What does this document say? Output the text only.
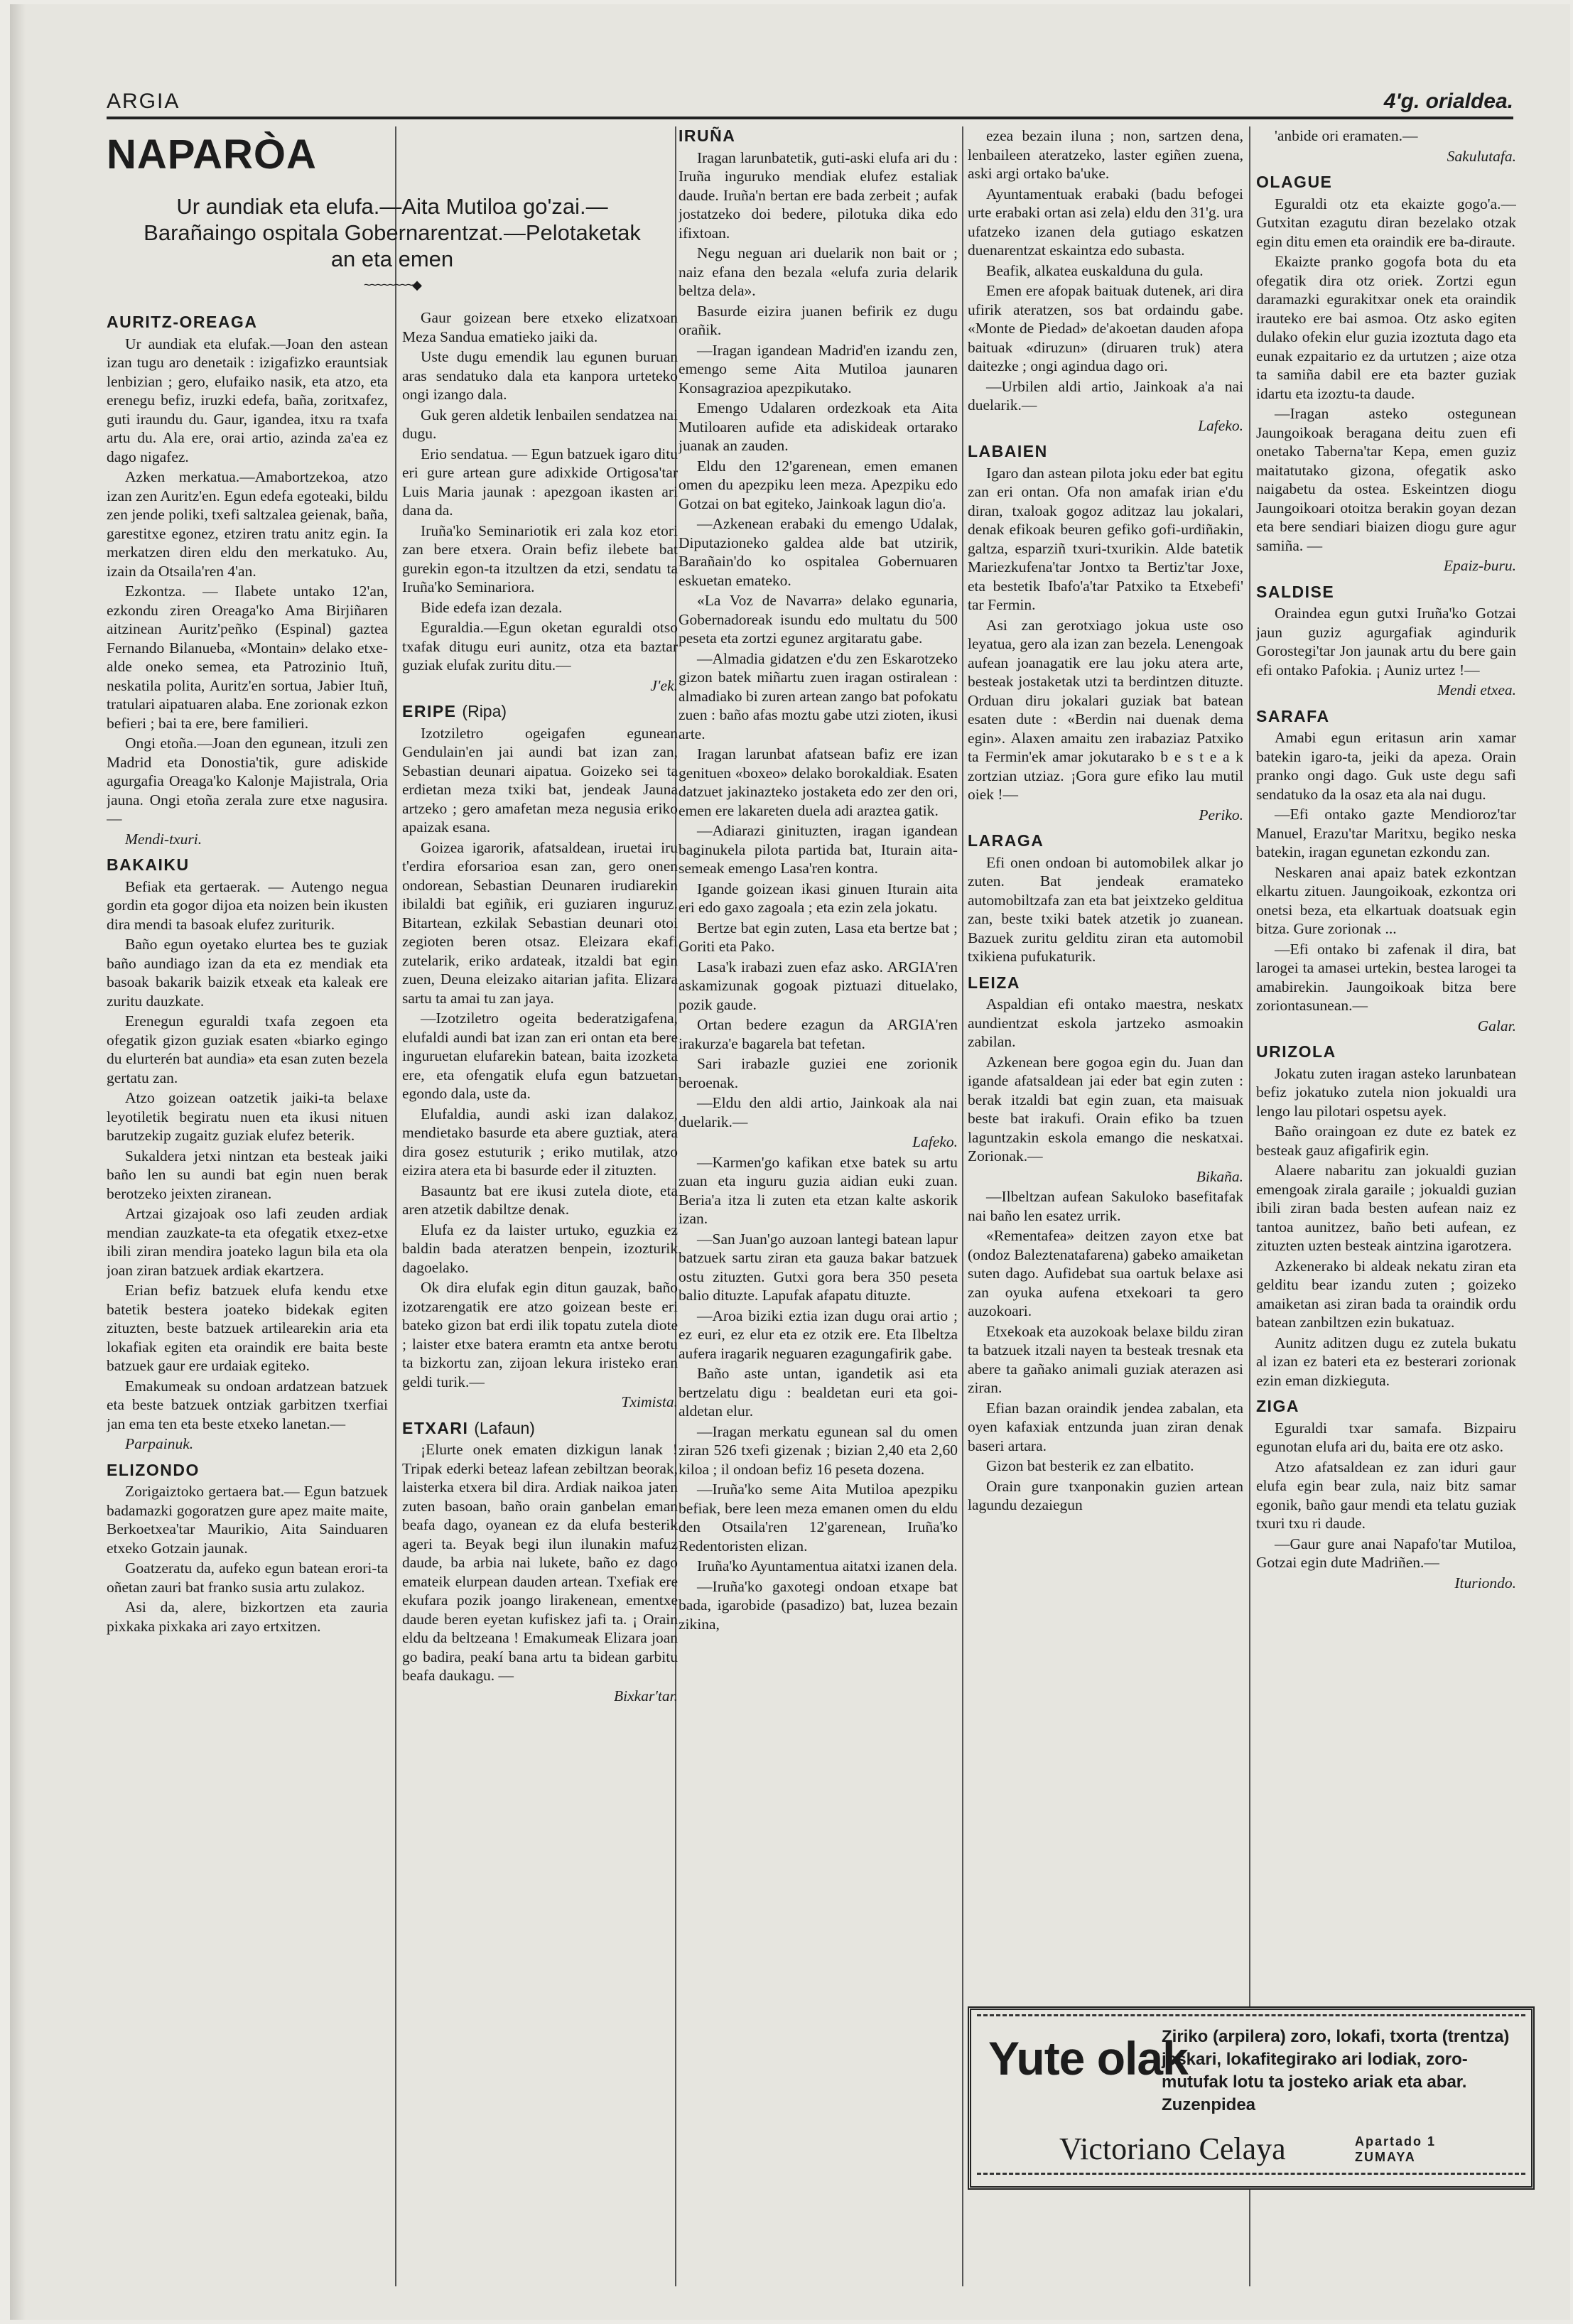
ARGIA	4'g. orialdea.
NAPARÒA
AURITZ-OREAGA

Ur aundiak eta elufak.—Joan den astean izan tugu aro denetaik : izigafizko erauntsiak lenbizian ; gero, elufaiko nasik, eta atzo, eta erenegu befiz, iruzki edefa, baña, zoritxafez, guti iraundu du. Gaur, igandea, itxu ra txafa artu du. Ala ere, orai artio, azinda za'ea ez dago nigafez.

Azken merkatua.—Amabortzekoa, atzo izan zen Auritz'en. Egun edefa egoteaki, bildu zen jende poliki, txefi saltzalea geienak, baña, garestitxe egonez, etziren tratu anitz egin. Ia merkatzen diren eldu den merkatuko. Au, izain da Otsaila'ren 4'an.

Ezkontza. — Ilabete untako 12'an, ezkondu ziren Oreaga'ko Ama Birjiñaren aitzinean Auritz'peñko (Espinal) gaztea Fernando Bilanueba, «Montain» delako etxe-alde oneko semea, eta Patrozinio Ituñ, neskatila polita, Auritz'en sortua, Jabier Ituñ, tratulari aipatuaren alaba. Ene zorionak ezkon befieri ; bai ta ere, bere familieri.

Ongi etoña.—Joan den egunean, itzuli zen Madrid eta Donostia'tik, gure adiskide agurgafia Oreaga'ko Kalonje Majistrala, Oria jauna. Ongi etoña zerala zure etxe nagusira.—

Mendi-txuri.

BAKAIKU

Befiak eta gertaerak. — Autengo negua gordin eta gogor dijoa eta noizen bein ikusten dira mendi ta basoak elufez zuriturik.

Baño egun oyetako elurtea bes te guziak baño aundiago izan da eta ez mendiak eta basoak bakarik baizik etxeak eta kaleak ere zuritu dauzkate.

Erenegun eguraldi txafa zegoen eta ofegatik gizon guziak esaten «biarko egingo du elurterén bat aundia» eta esan zuten bezela gertatu zan.

Atzo goizean oatzetik jaiki-ta belaxe leyotiletik begiratu nuen eta ikusi nituen barutzekip zugaitz guziak elufez beterik.

Sukaldera jetxi nintzan eta besteak jaiki baño len su aundi bat egin nuen berak berotzeko jeixten ziranean.

Artzai gizajoak oso lafi zeuden ardiak mendian zauzkate-ta eta ofegatik etxez-etxe ibili ziran mendira joateko lagun bila eta ola joan ziran batzuek ardiak ekartzera.

Erian befiz batzuek elufa kendu etxe batetik bestera joateko bidekak egiten zituzten, beste batzuek artilearekin aria eta lokafiak egiten eta oraindik ere baita beste batzuek gaur ere urdaiak egiteko.

Emakumeak su ondoan ardatzean batzuek eta beste batzuek ontziak garbitzen txerfiai jan ema ten eta beste etxeko lanetan.—

Parpainuk.

ELIZONDO

Zorigaiztoko gertaera bat.— Egun batzuek badamazki gogoratzen gure apez maite maite, Berkoetxea'tar Maurikio, Aita Sainduaren etxeko Gotzain jaunak.

Goatzeratu da, aufeko egun batean erori-ta oñetan zauri bat franko susia artu zulakoz.

Asi da, alere, bizkortzen eta zauria pixkaka pixkaka ari zayo ertxitzen.

Ur aundiak eta elufa.—Aita Mutiloa go'zai.—
Barañaingo ospitala Gobernarentzat.—Pelotaketak
an eta emen
~~~~~~~~◆

Gaur goizean bere etxeko elizatxoan Meza Sandua ematieko jaiki da.

Uste dugu emendik lau egunen buruan aras sendatuko dala eta kanpora urteteko ongi izango dala.

Guk geren aldetik lenbailen sendatzea nai dugu.

Erio sendatua. — Egun batzuek igaro ditu eri gure artean gure adixkide Ortigosa'tar Luis Maria jaunak : apezgoan ikasten ari dana da.

Iruña'ko Seminariotik eri zala koz etori zan bere etxera. Orain befiz ilebete bat gurekin egon-ta itzultzen da etzi, sendatu ta Iruña'ko Seminariora.

Bide edefa izan dezala.

Eguraldia.—Egun oketan eguraldi otso txafak ditugu euri aunitz, otza eta baztar guziak elufak zuritu ditu.—

J'ek.

ERIPE (Ripa)

Izotziletro ogeigafen egunean Gendulain'en jai aundi bat izan zan, Sebastian deunari aipatua. Goizeko sei ta erdietan meza txiki bat, jendeak Jauna artzeko ; gero amafetan meza negusia eriko apaizak esana.

Goizea igarorik, afatsaldean, iruetai iru t'erdira eforsarioa esan zan, gero onen ondorean, Sebastian Deunaren irudiarekin ibilaldi bat egiñik, eri guziaren inguruz. Bitartean, ezkilak Sebastian deunari otoi zegioten beren otsaz. Eleizara ekafi zutelarik, eriko ardateak, itzaldi bat egin zuen, Deuna eleizako aitarian jafita. Elizara sartu ta amai tu zan jaya.

—Izotziletro ogeita bederatzigafena, elufaldi aundi bat izan zan eri ontan eta bere inguruetan elufarekin batean, baita izozketa ere, eta ofengatik elufa egun batzuetan egondo dala, uste da.

Elufaldia, aundi aski izan dalakoz, mendietako basurde eta abere guztiak, atera dira gosez estuturik ; eriko mutilak, atzo eizira atera eta bi basurde eder il zituzten.

Basauntz bat ere ikusi zutela diote, eta aren atzetik dabiltze denak.

Elufa ez da laister urtuko, eguzkia ez baldin bada ateratzen benpein, izozturik dagoelako.

Ok dira elufak egin ditun gauzak, baño izotzarengatik ere atzo goizean beste eri bateko gizon bat erdi ilik topatu zutela diote ; laister etxe batera eramtn eta antxe berotu ta bizkortu zan, zijoan lekura iristeko eran geldi turik.—

Tximista.

ETXARI (Lafaun)

¡Elurte onek ematen dizkigun lanak ! Tripak ederki beteaz lafean zebiltzan beorak, laisterka etxera bil dira. Ardiak naikoa jaten zuten basoan, baño orain ganbelan eman beafa dago, oyanean ez da elufa besterik ageri ta. Beyak begi ilun ilunakin mafuz daude, ba arbia nai lukete, baño ez dago emateik elurpean dauden artean. Txefiak ere ekufara pozik joango lirakenean, ementxe daude beren eyetan kufiskez jafi ta. ¡ Orain eldu da beltzeana ! Emakumeak Elizara joan go badira, peakí bana artu ta bidean garbitu beafa daukagu. —

Bixkar'tar.

IRUÑA

Iragan larunbatetik, guti-aski elufa ari du : Iruña inguruko mendiak elufez estaliak daude. Iruña'n bertan ere bada zerbeit ; aufak jostatzeko doi bedere, pilotuka dika edo ifixtoan.

Negu neguan ari duelarik non bait or ; naiz efana den bezala «elufa zuria delarik beltza dela».

Basurde eizira juanen befirik ez dugu orañik.

—Iragan igandean Madrid'en izandu zen, emengo seme Aita Mutiloa jaunaren Konsagrazioa apezpikutako.

Emengo Udalaren ordezkoak eta Aita Mutiloaren aufide eta adiskideak ortarako juanak an zauden.

Eldu den 12'garenean, emen emanen omen du apezpiku leen meza. Apezpiku edo Gotzai on bat egiteko, Jainkoak lagun dio'a.

—Azkenean erabaki du emengo Udalak, Diputazioneko galdea alde bat utzirik, Barañain'do ko ospitalea Gobernuaren eskuetan emateko.

«La Voz de Navarra» delako egunaria, Gobernadoreak isundu edo multatu du 500 peseta eta zortzi egunez argitaratu gabe.

—Almadia gidatzen e'du zen Eskarotzeko gizon batek miñartu zuen iragan ostiralean : almadiako bi zuren artean zango bat pofokatu zuen : baño afas moztu gabe utzi zioten, ikusi arte.

Iragan larunbat afatsean bafiz ere izan genituen «boxeo» delako borokaldiak. Esaten datzuet jakinazteko jostaketa edo zer den ori, emen ere lakareten duela adi araztea gatik.

—Adiarazi ginituzten, iragan igandean baginukela pilota partida bat, Iturain aita-semeak emengo Lasa'ren kontra.

Igande goizean ikasi ginuen Iturain aita eri edo gaxo zagoala ; eta ezin zela jokatu.

Bertze bat egin zuten, Lasa eta bertze bat ; Goriti eta Pako.

Lasa'k irabazi zuen efaz asko. ARGIA'ren askamizunak gogoak piztuazi dituelako, pozik gaude.

Ortan bedere ezagun da ARGIA'ren irakurza'e bagarela bat tefetan.

Sari irabazle guziei ene zorionik beroenak.

—Eldu den aldi artio, Jainkoak ala nai duelarik.—

Lafeko.

—Karmen'go kafikan etxe batek su artu zuan eta inguru guzia aidian euki zuan. Beria'a itza li zuten eta etzan kalte askorik izan.

—San Juan'go auzoan lantegi batean lapur batzuek sartu ziran eta gauza bakar batzuek ostu zituzten. Gutxi gora bera 350 peseta balio dituzte. Lapufak afapatu dituzte.

—Aroa biziki eztia izan dugu orai artio ; ez euri, ez elur eta ez otzik ere. Eta Ilbeltza aufera iragarik neguaren ezagungafirik gabe.

Baño aste untan, igandetik asi eta bertzelatu digu : bealdetan euri eta goi-aldetan elur.

—Iragan merkatu egunean sal du omen ziran 526 txefi gizenak ; bizian 2,40 eta 2,60 kiloa ; il ondoan befiz 16 peseta dozena.

—Iruña'ko seme Aita Mutiloa apezpiku befiak, bere leen meza emanen omen du eldu den Otsaila'ren 12'garenean, Iruña'ko Redentoristen elizan.

Iruña'ko Ayuntamentua aitatxi izanen dela.

—Iruña'ko gaxotegi ondoan etxape bat bada, igarobide (pasadizo) bat, luzea bezain zikina,

ezea bezain iluna ; non, sartzen dena, lenbaileen ateratzeko, laster egiñen zuena, aski argi ortako ba'uke.

Ayuntamentuak erabaki (badu befogei urte erabaki ortan asi zela) eldu den 31'g. ura ufatzeko izanen dela gutiago eskatzen duenarentzat eskaintza edo subasta.

Beafik, alkatea euskalduna du gula.

Emen ere afopak baituak dutenek, ari dira ufirik ateratzen, sos bat ordaindu gabe. «Monte de Piedad» de'akoetan dauden afopa baituak «diruzun» (diruaren truk) atera daitezke ; ongi agindua dago ori.

—Urbilen aldi artio, Jainkoak a'a nai duelarik.—

Lafeko.

LABAIEN

Igaro dan astean pilota joku eder bat egitu zan eri ontan. Ofa non amafak irian e'du diran, txaloak gogoz aditzaz lau jokalari, denak efikoak beuren gefiko gofi-urdiñakin, galtza, esparziñ txuri-txurikin. Alde batetik Mariezkufena'tar Jontxo ta Bertiz'tar Joxe, eta bestetik Ibafo'a'tar Patxiko ta Etxebefi' tar Fermin.

Asi zan gerotxiago jokua uste oso leyatua, gero ala izan zan bezela. Lenengoak aufean joanagatik ere lau joku atera arte, besteak jostaketak utzi ta berdintzen dituzte. Orduan diru jokalari guziak bat batean esaten dute : «Berdin nai duenak dema egin». Alaxen amaitu zen irabaziaz Patxiko ta Fermin'ek amar jokutarako b e s t e a k zortzian utziaz. ¡Gora gure efiko lau mutil oiek !—

Periko.

LARAGA

Efi onen ondoan bi automobilek alkar jo zuten. Bat jendeak eramateko automobiltzafa zan eta bat jeixtzeko gelditua zan, beste txiki batek atzetik jo zuanean. Bazuek zuritu gelditu ziran eta automobil txikiena pufukaturik.

LEIZA

Aspaldian efi ontako maestra, neskatx aundientzat eskola jartzeko asmoakin zabilan.

Azkenean bere gogoa egin du. Juan dan igande afatsaldean jai eder bat egin zuten : berak itzaldi bat egin zuan, eta maisuak beste bat irakufi. Orain efiko ba tzuen laguntzakin eskola emango die neskatxai. Zorionak.—

Bikaña.

—Ilbeltzan aufean Sakuloko basefitafak nai baño len esatez urrik.

«Rementafea» deitzen zayon etxe bat (ondoz Baleztenatafarena) gabeko amaiketan suten dago. Aufidebat sua oartuk belaxe asi zan oyuka aufena etxekoari ta gero auzokoari.

Etxekoak eta auzokoak belaxe bildu ziran ta batzuek itzali nayen ta besteak tresnak eta abere ta gañako animali guziak aterazen asi ziran.

Efian bazan oraindik jendea zabalan, eta oyen kafaxiak entzunda juan ziran denak baseri artara.

Gizon bat besterik ez zan elbatito.

Orain gure txanponakin guzien artean lagundu dezaiegun

'anbide ori eramaten.—

Sakulutafa.

OLAGUE

Eguraldi otz eta ekaizte gogo'a.—Gutxitan ezagutu diran bezelako otzak egin ditu emen eta oraindik ere ba-diraute.

Ekaizte pranko gogofa bota du eta ofegatik dira otz oriek. Zortzi egun daramazki egurakitxar onek eta oraindik irauteko ere bai asmoa. Otz asko egiten dulako ofekin elur guzia izoztuta dago eta eunak ezpaitario ez da urtutzen ; aize otza ta samiña dabil ere eta bazter guziak idartu eta izoztu-ta daude.

—Iragan asteko ostegunean Jaungoikoak beragana deitu zuen efi onetako Taberna'tar Kepa, emen guziz maitatutako gizona, ofegatik asko naigabetu da ostea. Eskeintzen diogu Jaungoikoari otoitza berakin goyan dezan eta bere sendiari biaizen diogu gure agur samiña. —

Epaiz-buru.

SALDISE

Oraindea egun gutxi Iruña'ko Gotzai jaun guziz agurgafiak agindurik Gorostegi'tar Jon jaunak artu du bere gain efi ontako Pafokia. ¡ Auniz urtez !—

Mendi etxea.

SARAFA

Amabi egun eritasun arin xamar batekin igaro-ta, jeiki da apeza. Orain pranko ongi dago. Guk uste degu safi sendatuko da la osaz eta ala nai dugu.

—Efi ontako gazte Mendioroz'tar Manuel, Erazu'tar Maritxu, begiko neska batekin, iragan egunetan ezkondu zan.

Neskaren anai apaiz batek ezkontzan elkartu zituen. Jaungoikoak, ezkontza ori onetsi beza, eta elkartuak doatsuak egin bitza. Gure zorionak ...

—Efi ontako bi zafenak il dira, bat larogei ta amasei urtekin, bestea larogei ta amabirekin. Jaungoikoak bitza bere zoriontasunean.—

Galar.

URIZOLA

Jokatu zuten iragan asteko larunbatean befiz jokatuko zutela nion jokualdi ura lengo lau pilotari ospetsu ayek.

Baño oraingoan ez dute ez batek ez besteak gauz afigafirik egin.

Alaere nabaritu zan jokualdi guzian emengoak zirala garaile ; jokualdi guzian ibili ziran bada besten aufean naiz ez tantoa aunitzez, baño beti aufean, ez zituzten uzten besteak aintzina igarotzera.

Azkenerako bi aldeak nekatu ziran eta gelditu bear izandu zuten ; goizeko amaiketan asi ziran bada ta oraindik ordu batean zanbiltzen ezin bukatuaz.

Aunitz aditzen dugu ez zutela bukatu al izan ez bateri eta ez besterari zorionak ezin eman dizkieguta.

ZIGA

Eguraldi txar samafa. Bizpairu egunotan elufa ari du, baita ere otz asko.

Atzo afatsaldean ez zan iduri gaur elufa egin bear zula, naiz bitz samar egonik, baño gaur mendi eta telatu guziak txuri txu ri daude.

—Gaur gure anai Napafo'tar Mutiloa, Gotzai egin dute Madriñen.—

Ituriondo.

Yute olak
Ziriko (arpilera) zoro, lokafi, txorta (trentza) joskari, lokafitegirako ari lodiak, zoro-mutufak lotu ta josteko ariak eta abar. Zuzenpidea
Victoriano Celaya	Apartado 1
ZUMAYA
